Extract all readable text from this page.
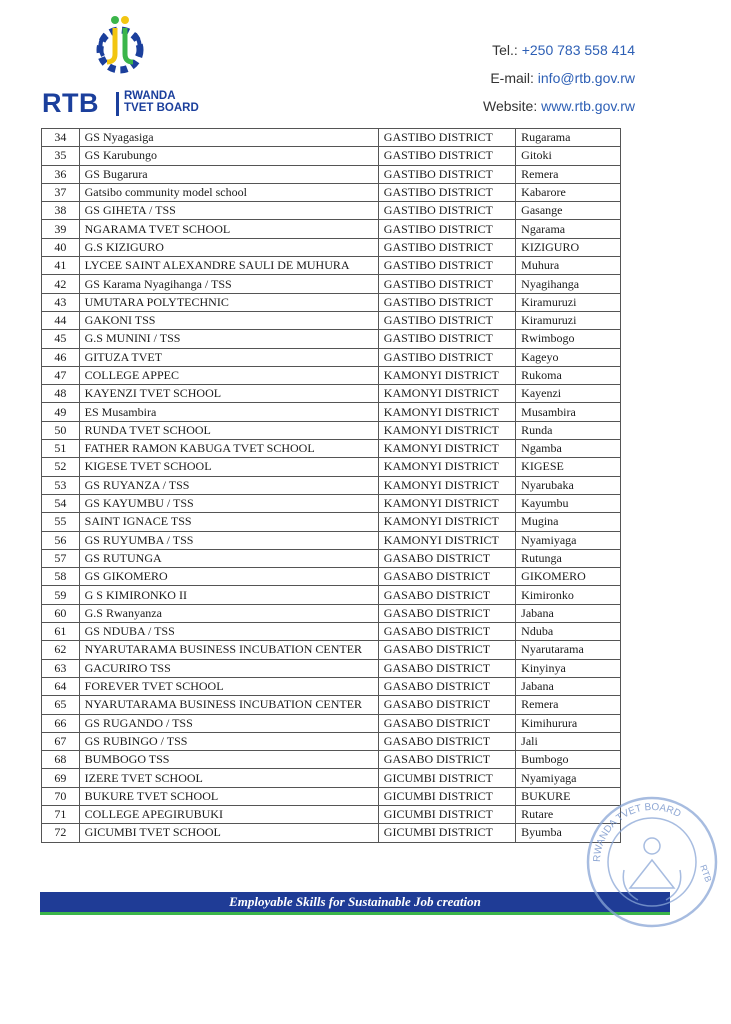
RTB RWANDA
TVET BOARD
Tel.: +250 783 558 414
E-mail: info@rtb.gov.rw
Website: www.rtb.gov.rw
34	GS Nyagasiga	GASTIBO DISTRICT	Rugarama
35	GS Karubungo	GASTIBO DISTRICT	Gitoki
36	GS Bugarura	GASTIBO DISTRICT	Remera
37	Gatsibo community model school	GASTIBO DISTRICT	Kabarore
38	GS GIHETA / TSS	GASTIBO DISTRICT	Gasange
39	NGARAMA TVET SCHOOL	GASTIBO DISTRICT	Ngarama
40	G.S KIZIGURO	GASTIBO DISTRICT	KIZIGURO
41	LYCEE SAINT ALEXANDRE SAULI DE MUHURA	GASTIBO DISTRICT	Muhura
42	GS Karama Nyagihanga / TSS	GASTIBO DISTRICT	Nyagihanga
43	UMUTARA POLYTECHNIC	GASTIBO DISTRICT	Kiramuruzi
44	GAKONI TSS	GASTIBO DISTRICT	Kiramuruzi
45	G.S MUNINI / TSS	GASTIBO DISTRICT	Rwimbogo
46	GITUZA TVET	GASTIBO DISTRICT	Kageyo
47	COLLEGE APPEC	KAMONYI DISTRICT	Rukoma
48	KAYENZI TVET SCHOOL	KAMONYI DISTRICT	Kayenzi
49	ES Musambira	KAMONYI DISTRICT	Musambira
50	RUNDA TVET SCHOOL	KAMONYI DISTRICT	Runda
51	FATHER RAMON KABUGA TVET SCHOOL	KAMONYI DISTRICT	Ngamba
52	KIGESE TVET SCHOOL	KAMONYI DISTRICT	KIGESE
53	GS RUYANZA / TSS	KAMONYI DISTRICT	Nyarubaka
54	GS KAYUMBU / TSS	KAMONYI DISTRICT	Kayumbu
55	SAINT IGNACE TSS	KAMONYI DISTRICT	Mugina
56	GS RUYUMBA / TSS	KAMONYI DISTRICT	Nyamiyaga
57	GS RUTUNGA	GASABO DISTRICT	Rutunga
58	GS GIKOMERO	GASABO DISTRICT	GIKOMERO
59	G S KIMIRONKO II	GASABO DISTRICT	Kimironko
60	G.S Rwanyanza	GASABO DISTRICT	Jabana
61	GS NDUBA / TSS	GASABO DISTRICT	Nduba
62	NYARUTARAMA BUSINESS INCUBATION CENTER	GASABO DISTRICT	Nyarutarama
63	GACURIRO TSS	GASABO DISTRICT	Kinyinya
64	FOREVER TVET SCHOOL	GASABO DISTRICT	Jabana
65	NYARUTARAMA BUSINESS INCUBATION CENTER	GASABO DISTRICT	Remera
66	GS RUGANDO / TSS	GASABO DISTRICT	Kimihurura
67	GS RUBINGO / TSS	GASABO DISTRICT	Jali
68	BUMBOGO TSS	GASABO DISTRICT	Bumbogo
69	IZERE TVET SCHOOL	GICUMBI DISTRICT	Nyamiyaga
70	BUKURE TVET SCHOOL	GICUMBI DISTRICT	BUKURE
71	COLLEGE APEGIRUBUKI	GICUMBI DISTRICT	Rutare
72	GICUMBI TVET SCHOOL	GICUMBI DISTRICT	Byumba
Employable Skills for Sustainable Job creation
RWANDA TVET BOARD
RTB
